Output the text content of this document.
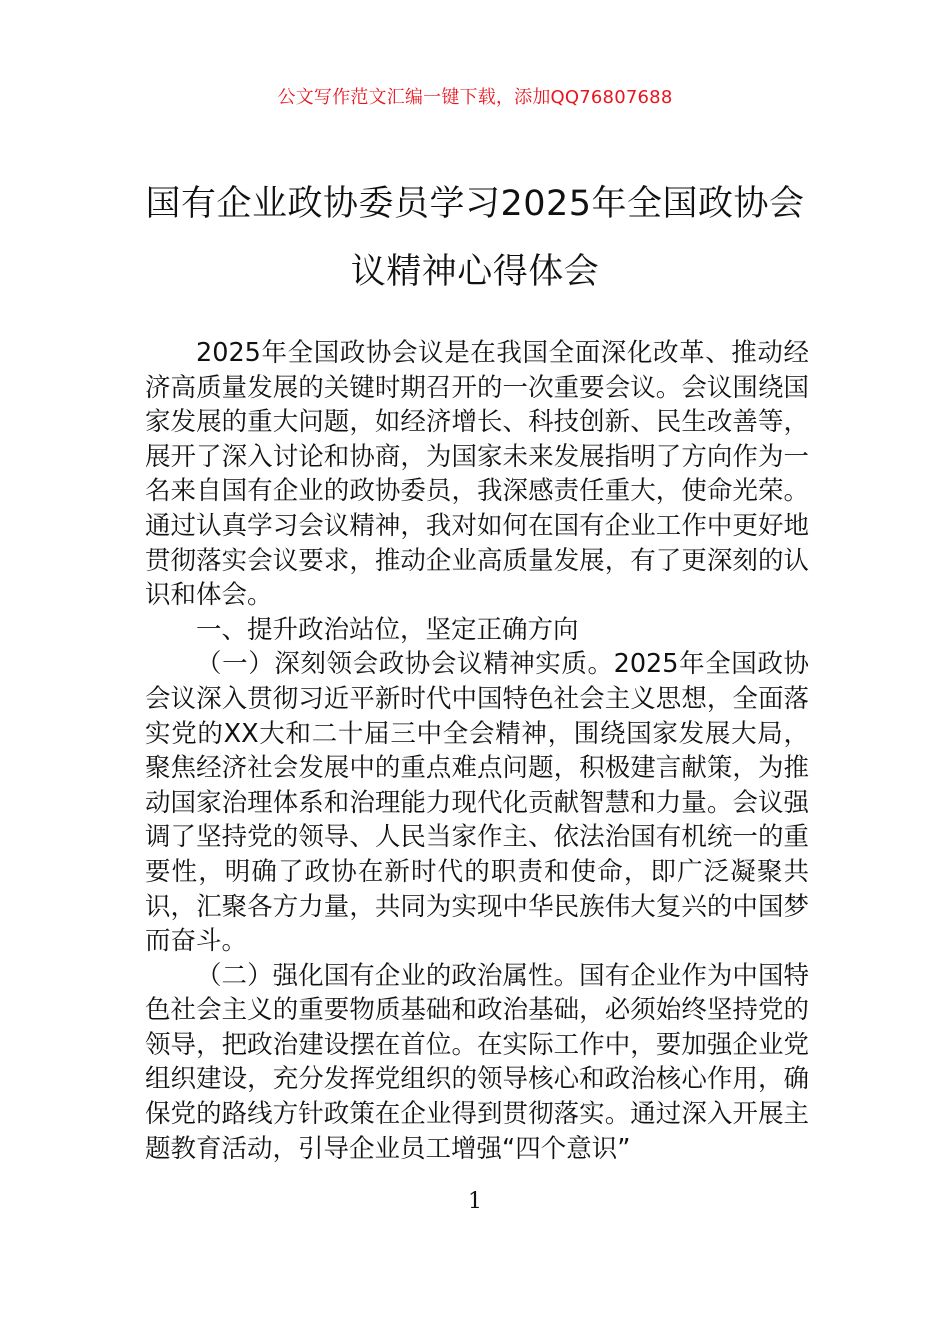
公文写作范文汇编一键下载，添加QQ76807688
国有企业政协委员学习2025年全国政协会
议精神心得体会

2025年全国政协会议是在我国全面深化改革、推动经济高质量发展的关键时期召开的一次重要会议。会议围绕国家发展的重大问题，如经济增长、科技创新、民生改善等，展开了深入讨论和协商，为国家未来发展指明了方向作为一名来自国有企业的政协委员，我深感责任重大，使命光荣。通过认真学习会议精神，我对如何在国有企业工作中更好地贯彻落实会议要求，推动企业高质量发展，有了更深刻的认识和体会。

一、提升政治站位，坚定正确方向

（一）深刻领会政协会议精神实质。2025年全国政协会议深入贯彻习近平新时代中国特色社会主义思想，全面落实党的XX大和二十届三中全会精神，围绕国家发展大局，聚焦经济社会发展中的重点难点问题，积极建言献策，为推动国家治理体系和治理能力现代化贡献智慧和力量。会议强调了坚持党的领导、人民当家作主、依法治国有机统一的重要性，明确了政协在新时代的职责和使命，即广泛凝聚共识，汇聚各方力量，共同为实现中华民族伟大复兴的中国梦而奋斗。

（二）强化国有企业的政治属性。国有企业作为中国特色社会主义的重要物质基础和政治基础，必须始终坚持党的领导，把政治建设摆在首位。在实际工作中，要加强企业党组织建设，充分发挥党组织的领导核心和政治核心作用，确保党的路线方针政策在企业得到贯彻落实。通过深入开展主题教育活动，引导企业员工增强“四个意识”

1
